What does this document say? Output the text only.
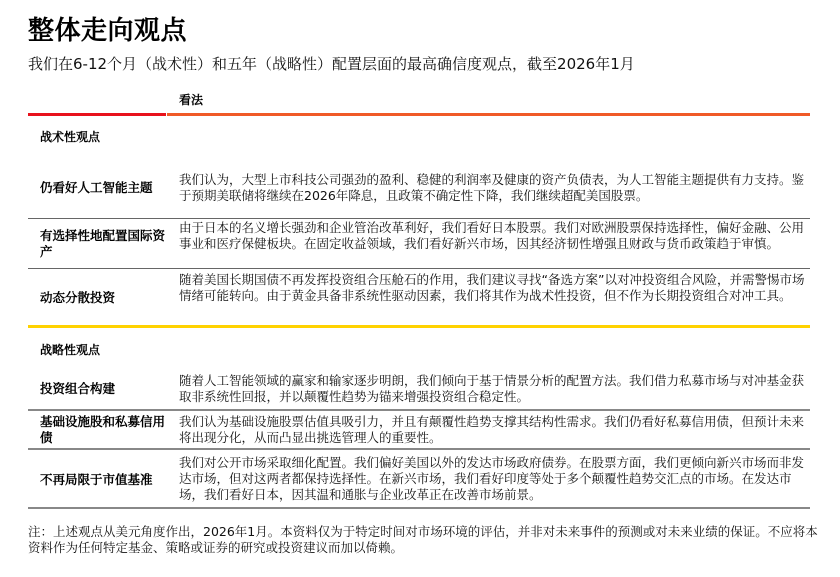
整体走向观点
我们在6-12个月（战术性）和五年（战略性）配置层面的最高确信度观点，截至2026年1月
看法
战术性观点
仍看好人工智能主题
我们认为，大型上市科技公司强劲的盈利、稳健的利润率及健康的资产负债表，为人工智能主题提供有力支持。鉴于预期美联储将继续在2026年降息，且政策不确定性下降，我们继续超配美国股票。
有选择性地配置国际资产
由于日本的名义增长强劲和企业管治改革利好，我们看好日本股票。我们对欧洲股票保持选择性，偏好金融、公用事业和医疗保健板块。在固定收益领域，我们看好新兴市场，因其经济韧性增强且财政与货币政策趋于审慎。
动态分散投资
随着美国长期国债不再发挥投资组合压舱石的作用，我们建议寻找“备选方案”以对冲投资组合风险，并需警惕市场情绪可能转向。由于黄金具备非系统性驱动因素，我们将其作为战术性投资，但不作为长期投资组合对冲工具。
战略性观点
投资组合构建
随着人工智能领域的赢家和输家逐步明朗，我们倾向于基于情景分析的配置方法。我们借力私募市场与对冲基金获取非系统性回报，并以颠覆性趋势为锚来增强投资组合稳定性。
基础设施股和私募信用债
我们认为基础设施股票估值具吸引力，并且有颠覆性趋势支撑其结构性需求。我们仍看好私募信用债，但预计未来将出现分化，从而凸显出挑选管理人的重要性。
不再局限于市值基准
我们对公开市场采取细化配置。我们偏好美国以外的发达市场政府债券。在股票方面，我们更倾向新兴市场而非发达市场，但对这两者都保持选择性。在新兴市场，我们看好印度等处于多个颠覆性趋势交汇点的市场。在发达市场，我们看好日本，因其温和通胀与企业改革正在改善市场前景。
注：上述观点从美元角度作出，2026年1月。本资料仅为于特定时间对市场环境的评估，并非对未来事件的预测或对未来业绩的保证。不应将本资料作为任何特定基金、策略或证券的研究或投资建议而加以倚赖。
